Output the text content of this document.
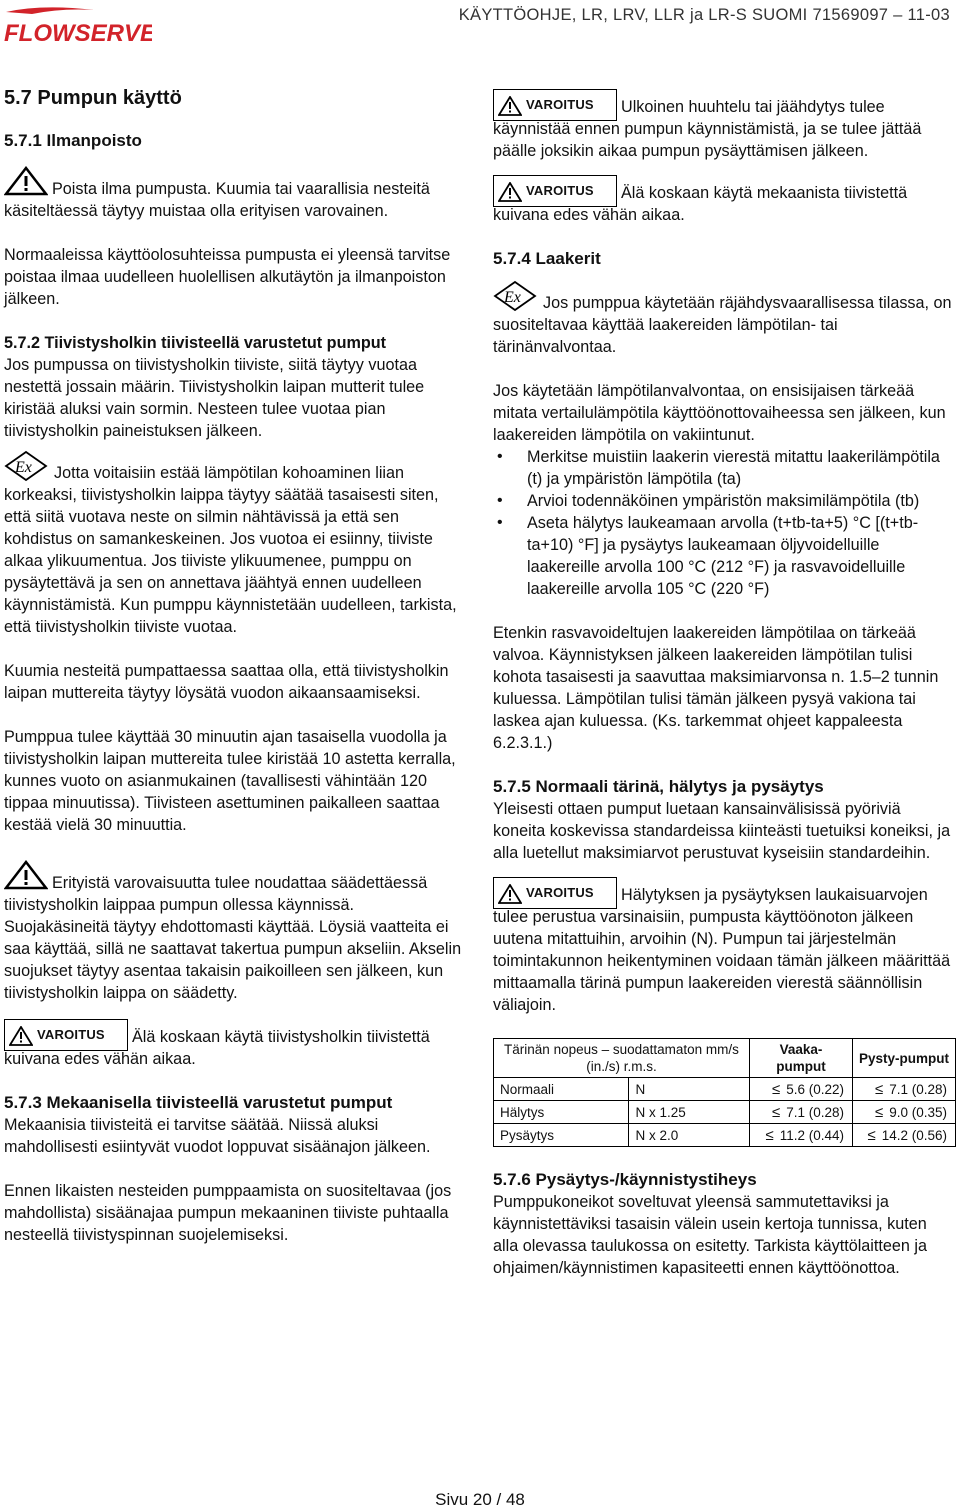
FLOWSERVE
KÄYTTÖOHJE, LR, LRV, LLR ja LR-S SUOMI 71569097 – 11-03

5.7 Pumpun käyttö

5.7.1 Ilmanpoisto

Poista ilma pumpusta. Kuumia tai vaarallisia nesteitä käsiteltäessä täytyy muistaa olla erityisen varovainen.

Normaaleissa käyttöolosuhteissa pumpusta ei yleensä tarvitse poistaa ilmaa uudelleen huolellisen alkutäytön ja ilmanpoiston jälkeen.

5.7.2 Tiivistysholkin tiivisteellä varustetut pumput

Jos pumpussa on tiivistysholkin tiiviste, siitä täytyy vuotaa nestettä jossain määrin. Tiivistysholkin laipan mutterit tulee kiristää aluksi vain sormin. Nesteen tulee vuotaa pian tiivistysholkin paineistuksen jälkeen.

Ex Jotta voitaisiin estää lämpötilan kohoaminen liian korkeaksi, tiivistysholkin laippa täytyy säätää tasaisesti siten, että siitä vuotava neste on silmin nähtävissä ja että sen kohdistus on samankeskeinen. Jos vuotoa ei esiinny, tiiviste alkaa ylikuumentua. Jos tiiviste ylikuumenee, pumppu on pysäytettävä ja sen on annettava jäähtyä ennen uudelleen käynnistämistä. Kun pumppu käynnistetään uudelleen, tarkista, että tiivistysholkin tiiviste vuotaa.

Kuumia nesteitä pumpattaessa saattaa olla, että tiivistysholkin laipan muttereita täytyy löysätä vuodon aikaansaamiseksi.

Pumppua tulee käyttää 30 minuutin ajan tasaisella vuodolla ja tiivistysholkin laipan muttereita tulee kiristää 10 astetta kerralla, kunnes vuoto on asianmukainen (tavallisesti vähintään 120 tippaa minuutissa). Tiivisteen asettuminen paikalleen saattaa kestää vielä 30 minuuttia.

Erityistä varovaisuutta tulee noudattaa säädettäessä tiivistysholkin laippaa pumpun ollessa käynnissä. Suojakäsineitä täytyy ehdottomasti käyttää. Löysiä vaatteita ei saa käyttää, sillä ne saattavat takertua pumpun akseliin. Akselin suojukset täytyy asentaa takaisin paikoilleen sen jälkeen, kun tiivistysholkin laippa on säädetty.

VAROITUS Älä koskaan käytä tiivistysholkin tiivistettä kuivana edes vähän aikaa.

5.7.3 Mekaanisella tiivisteellä varustetut pumput

Mekaanisia tiivisteitä ei tarvitse säätää. Niissä aluksi mahdollisesti esiintyvät vuodot loppuvat sisäänajon jälkeen.

Ennen likaisten nesteiden pumppaamista on suositeltavaa (jos mahdollista) sisäänajaa pumpun mekaaninen tiiviste puhtaalla nesteellä tiivistyspinnan suojelemiseksi.

VAROITUS Ulkoinen huuhtelu tai jäähdytys tulee käynnistää ennen pumpun käynnistämistä, ja se tulee jättää päälle joksikin aikaa pumpun pysäyttämisen jälkeen.

VAROITUS Älä koskaan käytä mekaanista tiivistettä kuivana edes vähän aikaa.

5.7.4 Laakerit

Ex Jos pumppua käytetään räjähdysvaarallisessa tilassa, on suositeltavaa käyttää laakereiden lämpötilan- tai tärinänvalvontaa.

Jos käytetään lämpötilanvalvontaa, on ensisijaisen tärkeää mitata vertailulämpötila käyttöönottovaiheessa sen jälkeen, kun laakereiden lämpötila on vakiintunut.

• Merkitse muistiin laakerin vierestä mitattu laakerilämpötila (t) ja ympäristön lämpötila (ta)
• Arvioi todennäköinen ympäristön maksimilämpötila (tb)
• Aseta hälytys laukeamaan arvolla (t+tb-ta+5) °C [(t+tb-ta+10) °F] ja pysäytys laukeamaan öljyvoidelluille laakereille arvolla 100 °C (212 °F) ja rasvavoidelluille laakereille arvolla 105 °C (220 °F)

Etenkin rasvavoideltujen laakereiden lämpötilaa on tärkeää valvoa. Käynnistyksen jälkeen laakereiden lämpötilan tulisi kohota tasaisesti ja saavuttaa maksimiarvonsa n. 1.5–2 tunnin kuluessa. Lämpötilan tulisi tämän jälkeen pysyä vakiona tai laskea ajan kuluessa. (Ks. tarkemmat ohjeet kappaleesta 6.2.3.1.)

5.7.5 Normaali tärinä, hälytys ja pysäytys

Yleisesti ottaen pumput luetaan kansainvälisissä pyöriviä koneita koskevissa standardeissa kiinteästi tuetuiksi koneiksi, ja alla luetellut maksimiarvot perustuvat kyseisiin standardeihin.

VAROITUS Hälytyksen ja pysäytyksen laukaisuarvojen tulee perustua varsinaisiin, pumpusta käyttöönoton jälkeen uutena mitattuihin, arvoihin (N). Pumpun tai järjestelmän toimintakunnon heikentyminen voidaan tämän jälkeen määrittää mittaamalla tärinä pumpun laakereiden vierestä säännöllisin väliajoin.

Tärinän nopeus – suodattamaton mm/s (in./s) r.m.s.		Vaaka-pumput	Pysty-pumput
Normaali	N	≤ 5.6 (0.22)	≤ 7.1 (0.28)
Hälytys	N x 1.25	≤ 7.1 (0.28)	≤ 9.0 (0.35)
Pysäytys	N x 2.0	≤ 11.2 (0.44)	≤ 14.2 (0.56)

5.7.6 Pysäytys-/käynnistystiheys

Pumppukoneikot soveltuvat yleensä sammutettaviksi ja käynnistettäviksi tasaisin välein usein kertoja tunnissa, kuten alla olevassa taulukossa on esitetty. Tarkista käyttölaitteen ja ohjaimen/käynnistimen kapasiteetti ennen käyttöönottoa.

Sivu 20 / 48
